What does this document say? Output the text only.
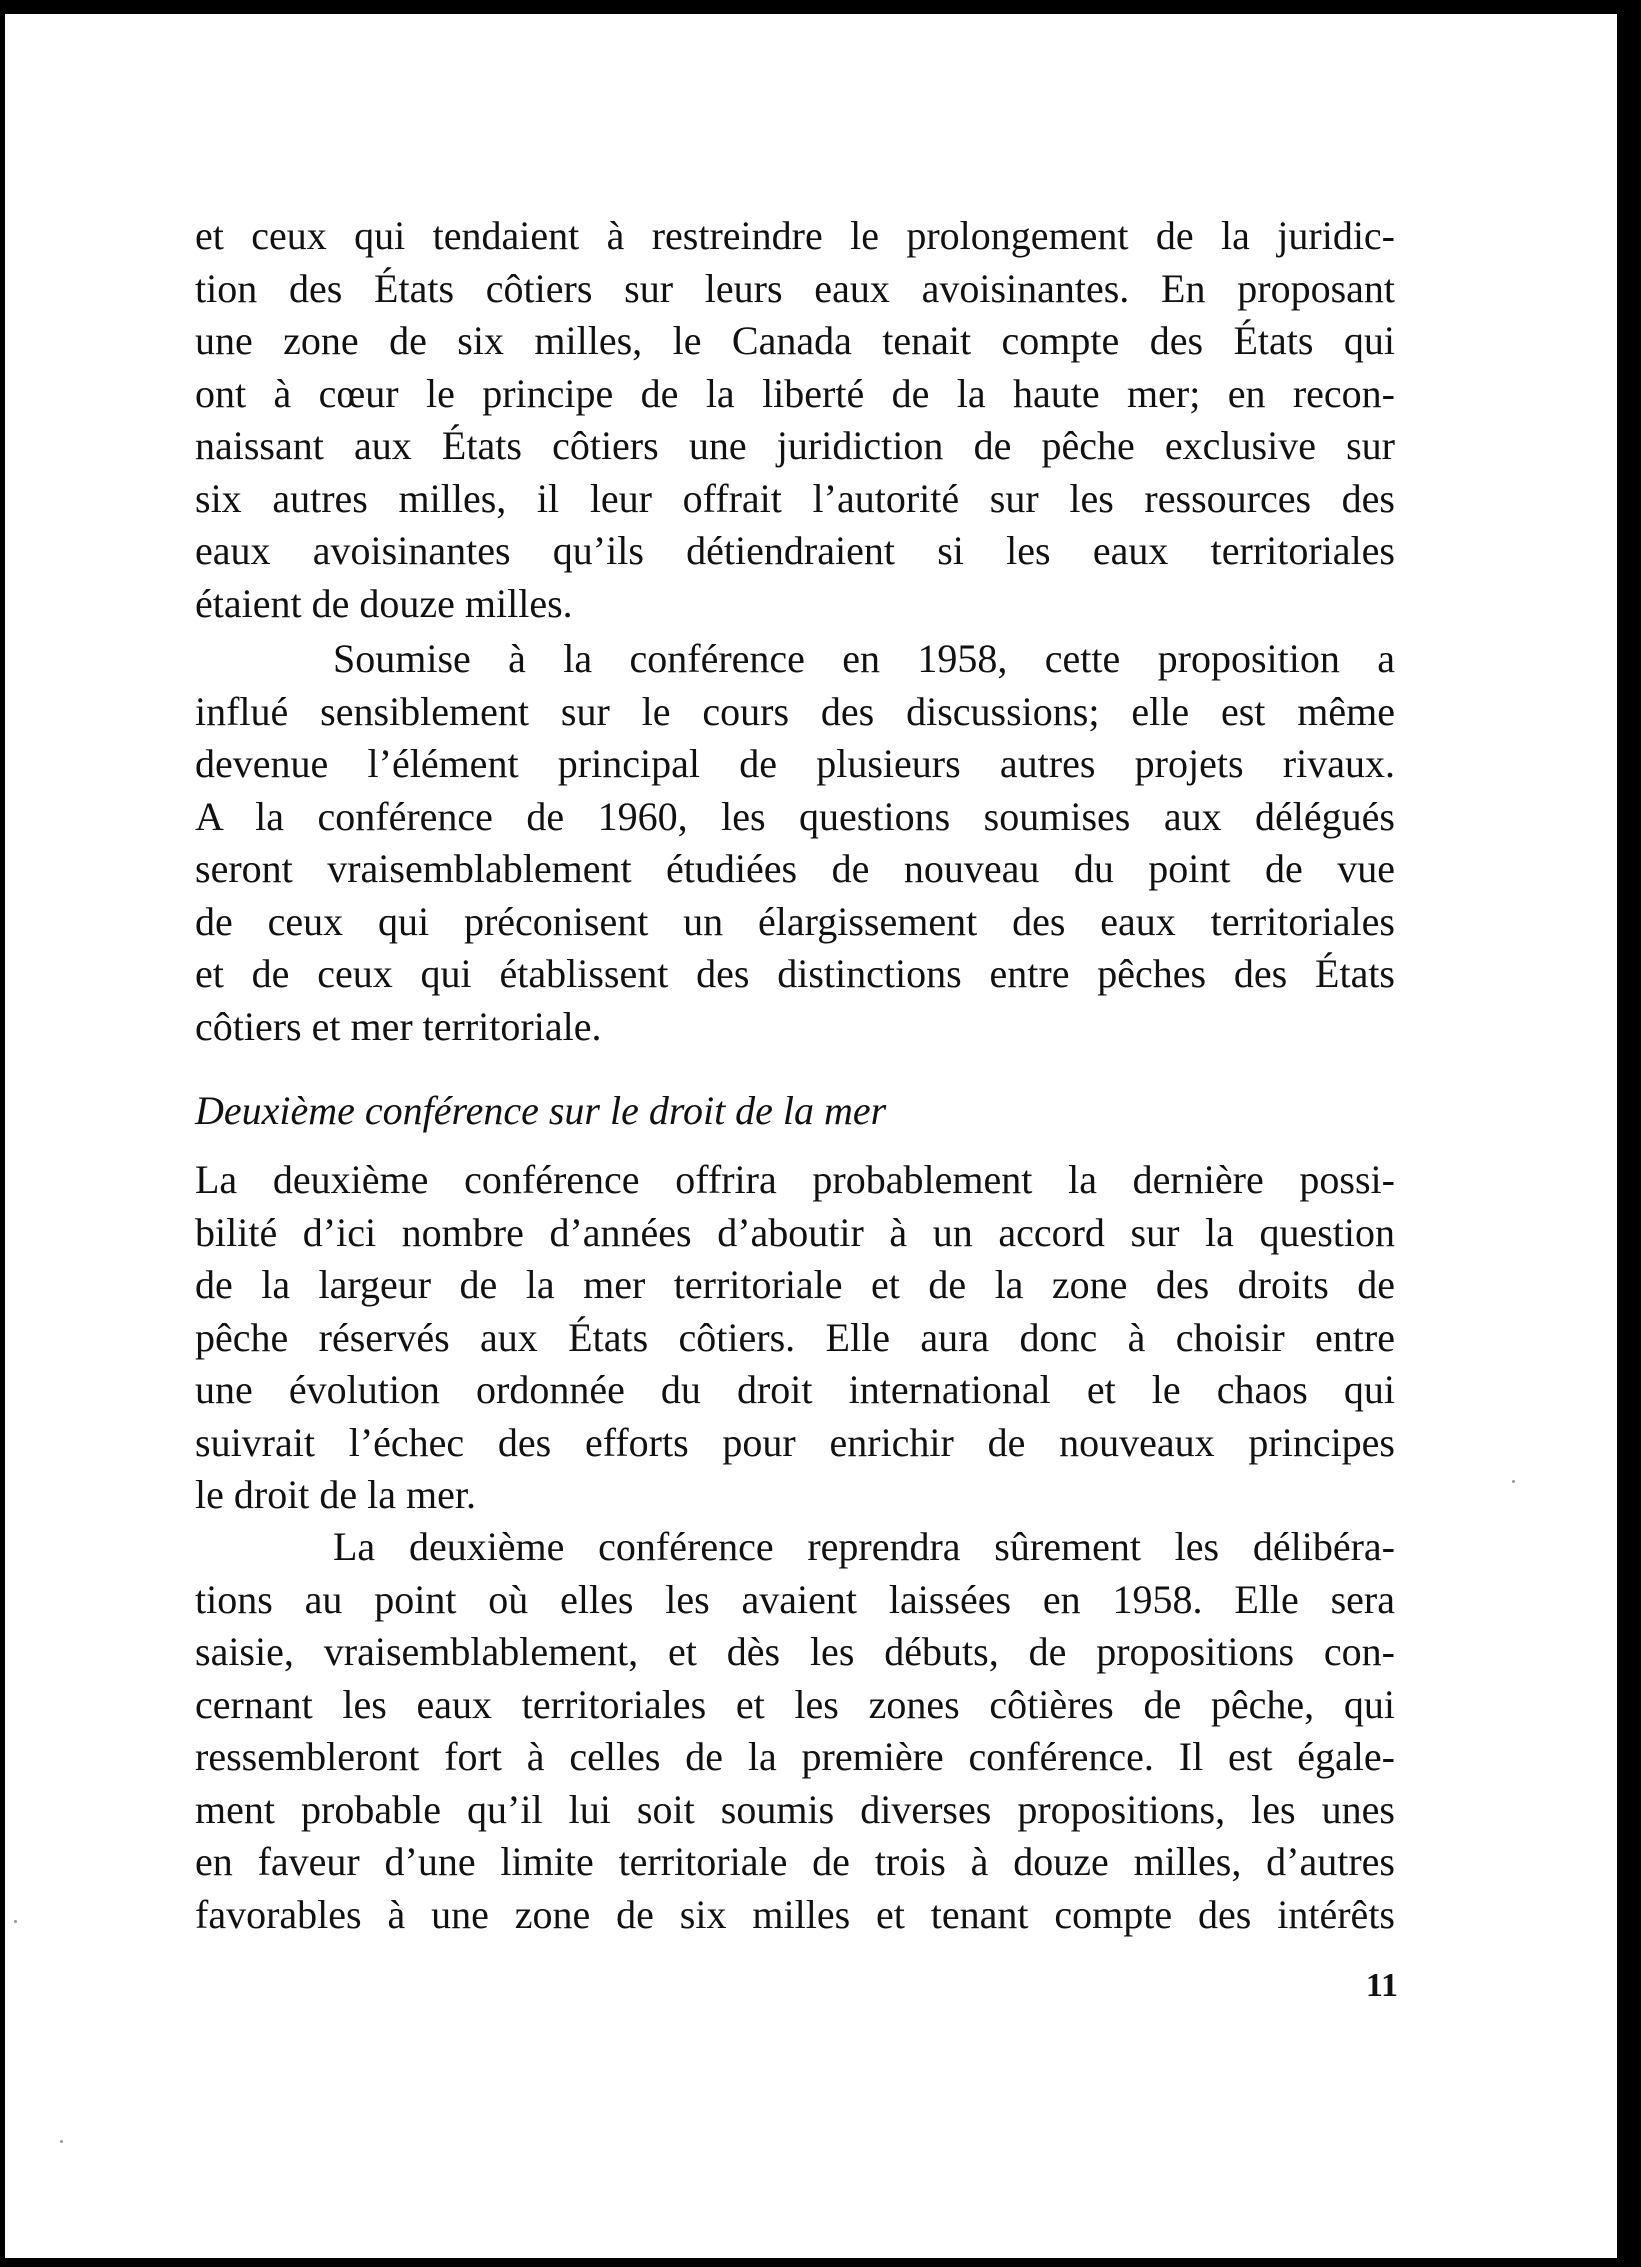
et ceux qui tendaient à restreindre le prolongement de la juridic-
tion des États côtiers sur leurs eaux avoisinantes. En proposant
une zone de six milles, le Canada tenait compte des États qui
ont à cœur le principe de la liberté de la haute mer; en recon-
naissant aux États côtiers une juridiction de pêche exclusive sur
six autres milles, il leur offrait l’autorité sur les ressources des
eaux avoisinantes qu’ils détiendraient si les eaux territoriales
étaient de douze milles.
Soumise à la conférence en 1958, cette proposition a
influé sensiblement sur le cours des discussions; elle est même
devenue l’élément principal de plusieurs autres projets rivaux.
A la conférence de 1960, les questions soumises aux délégués
seront vraisemblablement étudiées de nouveau du point de vue
de ceux qui préconisent un élargissement des eaux territoriales
et de ceux qui établissent des distinctions entre pêches des États
côtiers et mer territoriale.
Deuxième conférence sur le droit de la mer
La deuxième conférence offrira probablement la dernière possi-
bilité d’ici nombre d’années d’aboutir à un accord sur la question
de la largeur de la mer territoriale et de la zone des droits de
pêche réservés aux États côtiers. Elle aura donc à choisir entre
une évolution ordonnée du droit international et le chaos qui
suivrait l’échec des efforts pour enrichir de nouveaux principes
le droit de la mer.
La deuxième conférence reprendra sûrement les délibéra-
tions au point où elles les avaient laissées en 1958. Elle sera
saisie, vraisemblablement, et dès les débuts, de propositions con-
cernant les eaux territoriales et les zones côtières de pêche, qui
ressembleront fort à celles de la première conférence. Il est égale-
ment probable qu’il lui soit soumis diverses propositions, les unes
en faveur d’une limite territoriale de trois à douze milles, d’autres
favorables à une zone de six milles et tenant compte des intérêts
11
